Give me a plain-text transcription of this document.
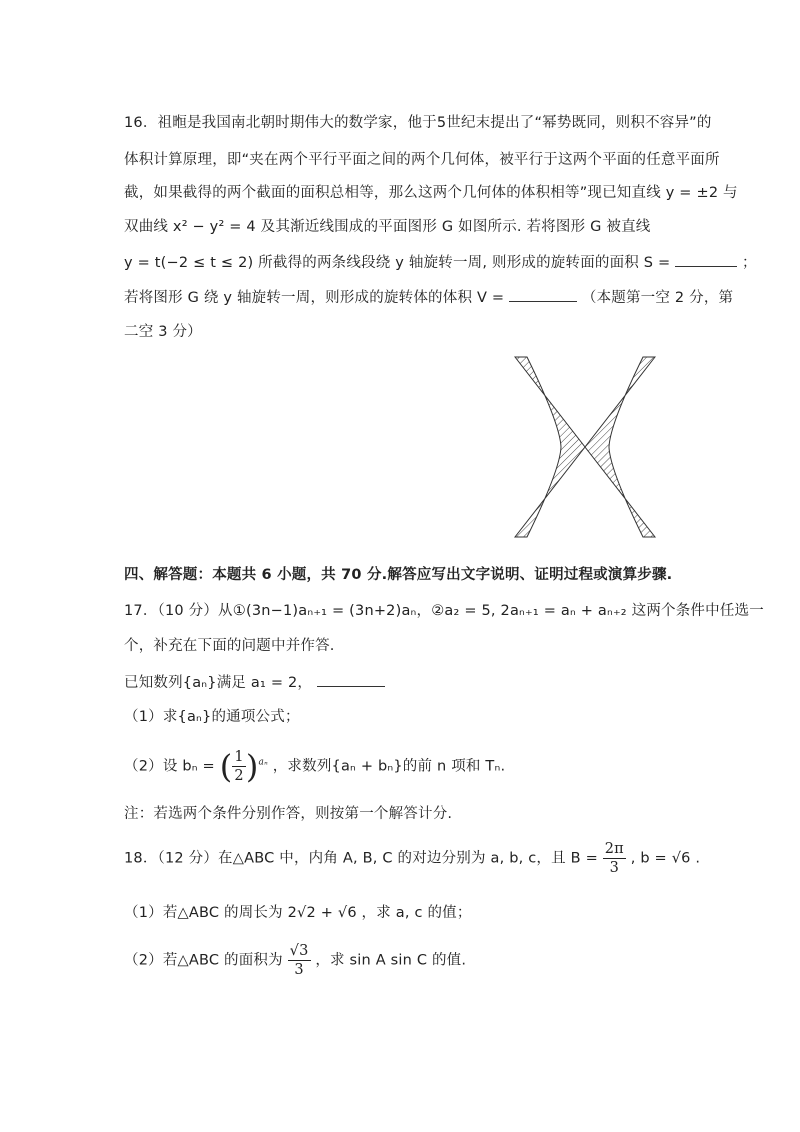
16．祖暅是我国南北朝时期伟大的数学家，他于5世纪末提出了“幂势既同，则积不容异”的
体积计算原理，即“夹在两个平行平面之间的两个几何体，被平行于这两个平面的任意平面所
截，如果截得的两个截面的面积总相等，那么这两个几何体的体积相等”现已知直线 y = ±2 与
双曲线 x² − y² = 4 及其渐近线围成的平面图形 G 如图所示. 若将图形 G 被直线
y = t(−2 ≤ t ≤ 2) 所截得的两条线段绕 y 轴旋转一周, 则形成的旋转面的面积 S =	；
若将图形 G 绕 y 轴旋转一周，则形成的旋转体的体积 V =	（本题第一空 2 分，第
二空 3 分）
四、解答题：本题共 6 小题，共 70 分.解答应写出文字说明、证明过程或演算步骤.
17．（10 分）从①(3n−1)aₙ₊₁ = (3n+2)aₙ，②a₂ = 5, 2aₙ₊₁ = aₙ + aₙ₊₂ 这两个条件中任选一
个，补充在下面的问题中并作答.
已知数列{aₙ}满足 a₁ = 2，
（1）求{aₙ}的通项公式；
（2）设 bₙ = ( $\frac{1}{2} )^{a_n}$ ，求数列{aₙ + bₙ}的前 n 项和 Tₙ.
注：若选两个条件分别作答，则按第一个解答计分.
18．（12 分）在△ABC 中，内角 A, B, C 的对边分别为 a, b, c，且 $B = \frac{2\pi}{3}$ , b = √6 .
（1）若△ABC 的周长为 2√2 + √6 ，求 a, c 的值；
（2）若△ABC 的面积为 $\frac{√3}{3}$ ，求 sin A sin C 的值.
